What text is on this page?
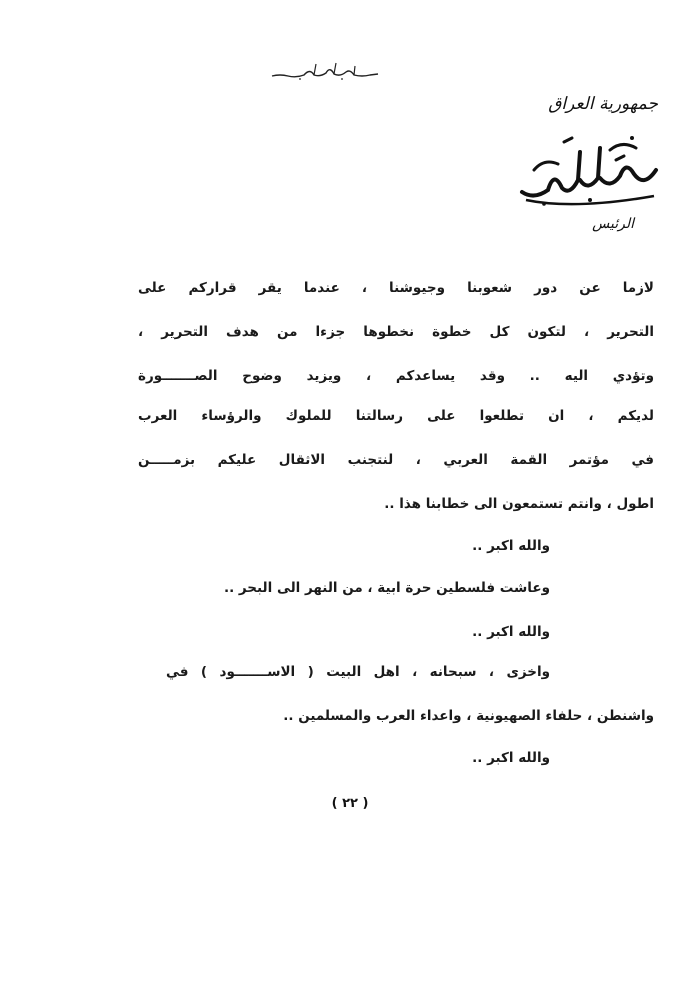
جمهورية العراق
الرئيس
لازما عن دور شعوبنا وجيوشنا ، عندما يقر قراركم على
التحرير ، لتكون كل خطوة نخطوها جزءا من هدف التحرير ،
وتؤدي اليه .. وقد يساعدكم ، ويزيد وضوح الصـــــــورة
لديكم ، ان تطلعوا على رسالتنا للملوك والرؤساء العرب
في مؤتمر القمة العربي ، لنتجنب الاثقال عليكم بزمـــــن
اطول ، وانتم تستمعون الى خطابنا هذا ..
والله اكبر ..
وعاشت فلسطين حرة ابية ، من النهر الى البحر ..
والله اكبر ..
واخزى ، سبحانه ، اهل البيت ( الاســـــــود ) في
واشنطن ، حلفاء الصهيونية ، واعداء العرب والمسلمين ..
والله اكبر ..
( ٢٢ )
